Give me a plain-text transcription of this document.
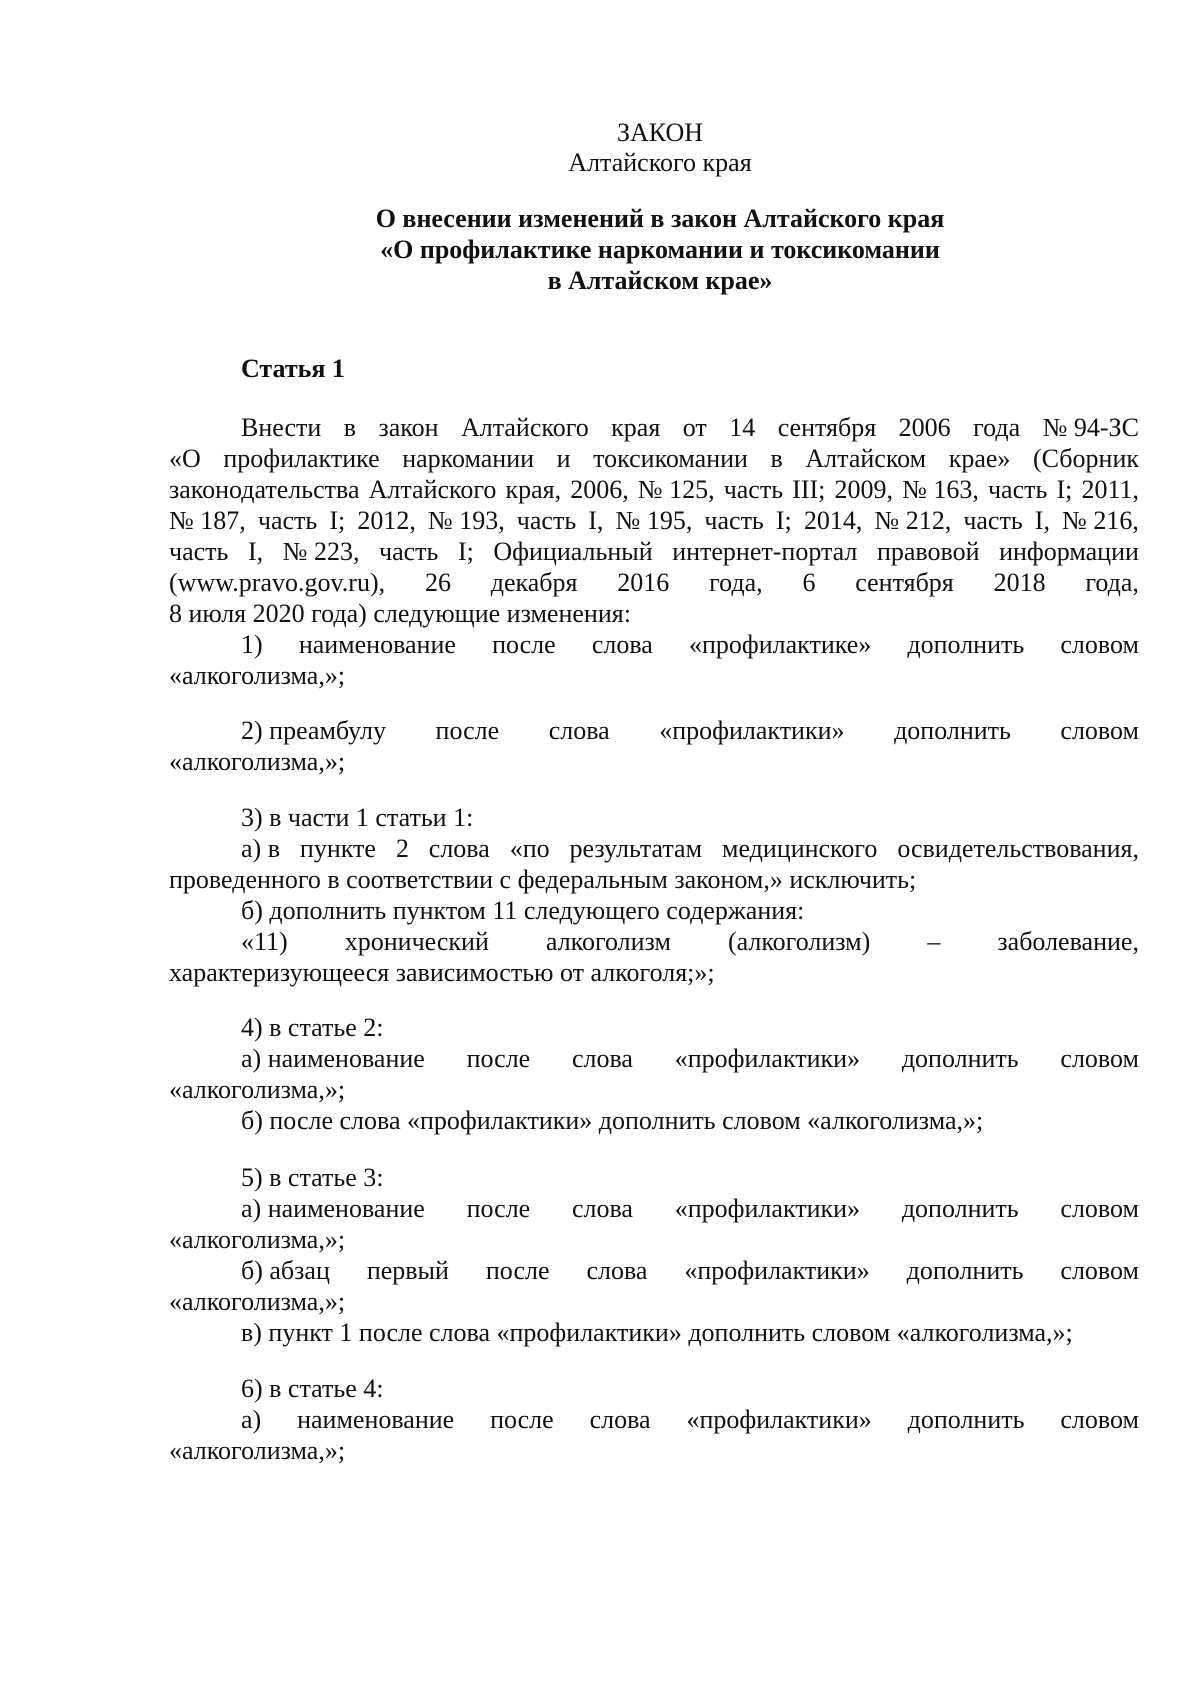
ЗАКОН
Алтайского края
О внесении изменений в закон Алтайского края
«О профилактике наркомании и токсикомании
в Алтайском крае»
Статья 1
Внести в закон Алтайского края от 14 сентября 2006 года № 94-ЗС
«О профилактике наркомании и токсикомании в Алтайском крае» (Сборник
законодательства Алтайского края, 2006, № 125, часть III; 2009, № 163, часть I; 2011,
№ 187, часть I; 2012, № 193, часть I, № 195, часть I; 2014, № 212, часть I, № 216,
часть I, № 223, часть I; Официальный интернет-портал правовой информации
(www.pravo.gov.ru), 26 декабря 2016 года, 6 сентября 2018 года,
8 июля 2020 года) следующие изменения:
1) наименование после слова «профилактике» дополнить словом
«алкоголизма,»;
2) преамбулу после слова «профилактики» дополнить словом
«алкоголизма,»;
3) в части 1 статьи 1:
а) в пункте 2 слова «по результатам медицинского освидетельствования,
проведенного в соответствии с федеральным законом,» исключить;
б) дополнить пунктом 11 следующего содержания:
«11) хронический алкоголизм (алкоголизм) – заболевание,
характеризующееся зависимостью от алкоголя;»;
4) в статье 2:
а) наименование после слова «профилактики» дополнить словом
«алкоголизма,»;
б) после слова «профилактики» дополнить словом «алкоголизма,»;
5) в статье 3:
а) наименование после слова «профилактики» дополнить словом
«алкоголизма,»;
б) абзац первый после слова «профилактики» дополнить словом
«алкоголизма,»;
в) пункт 1 после слова «профилактики» дополнить словом «алкоголизма,»;
6) в статье 4:
а) наименование после слова «профилактики» дополнить словом
«алкоголизма,»;
